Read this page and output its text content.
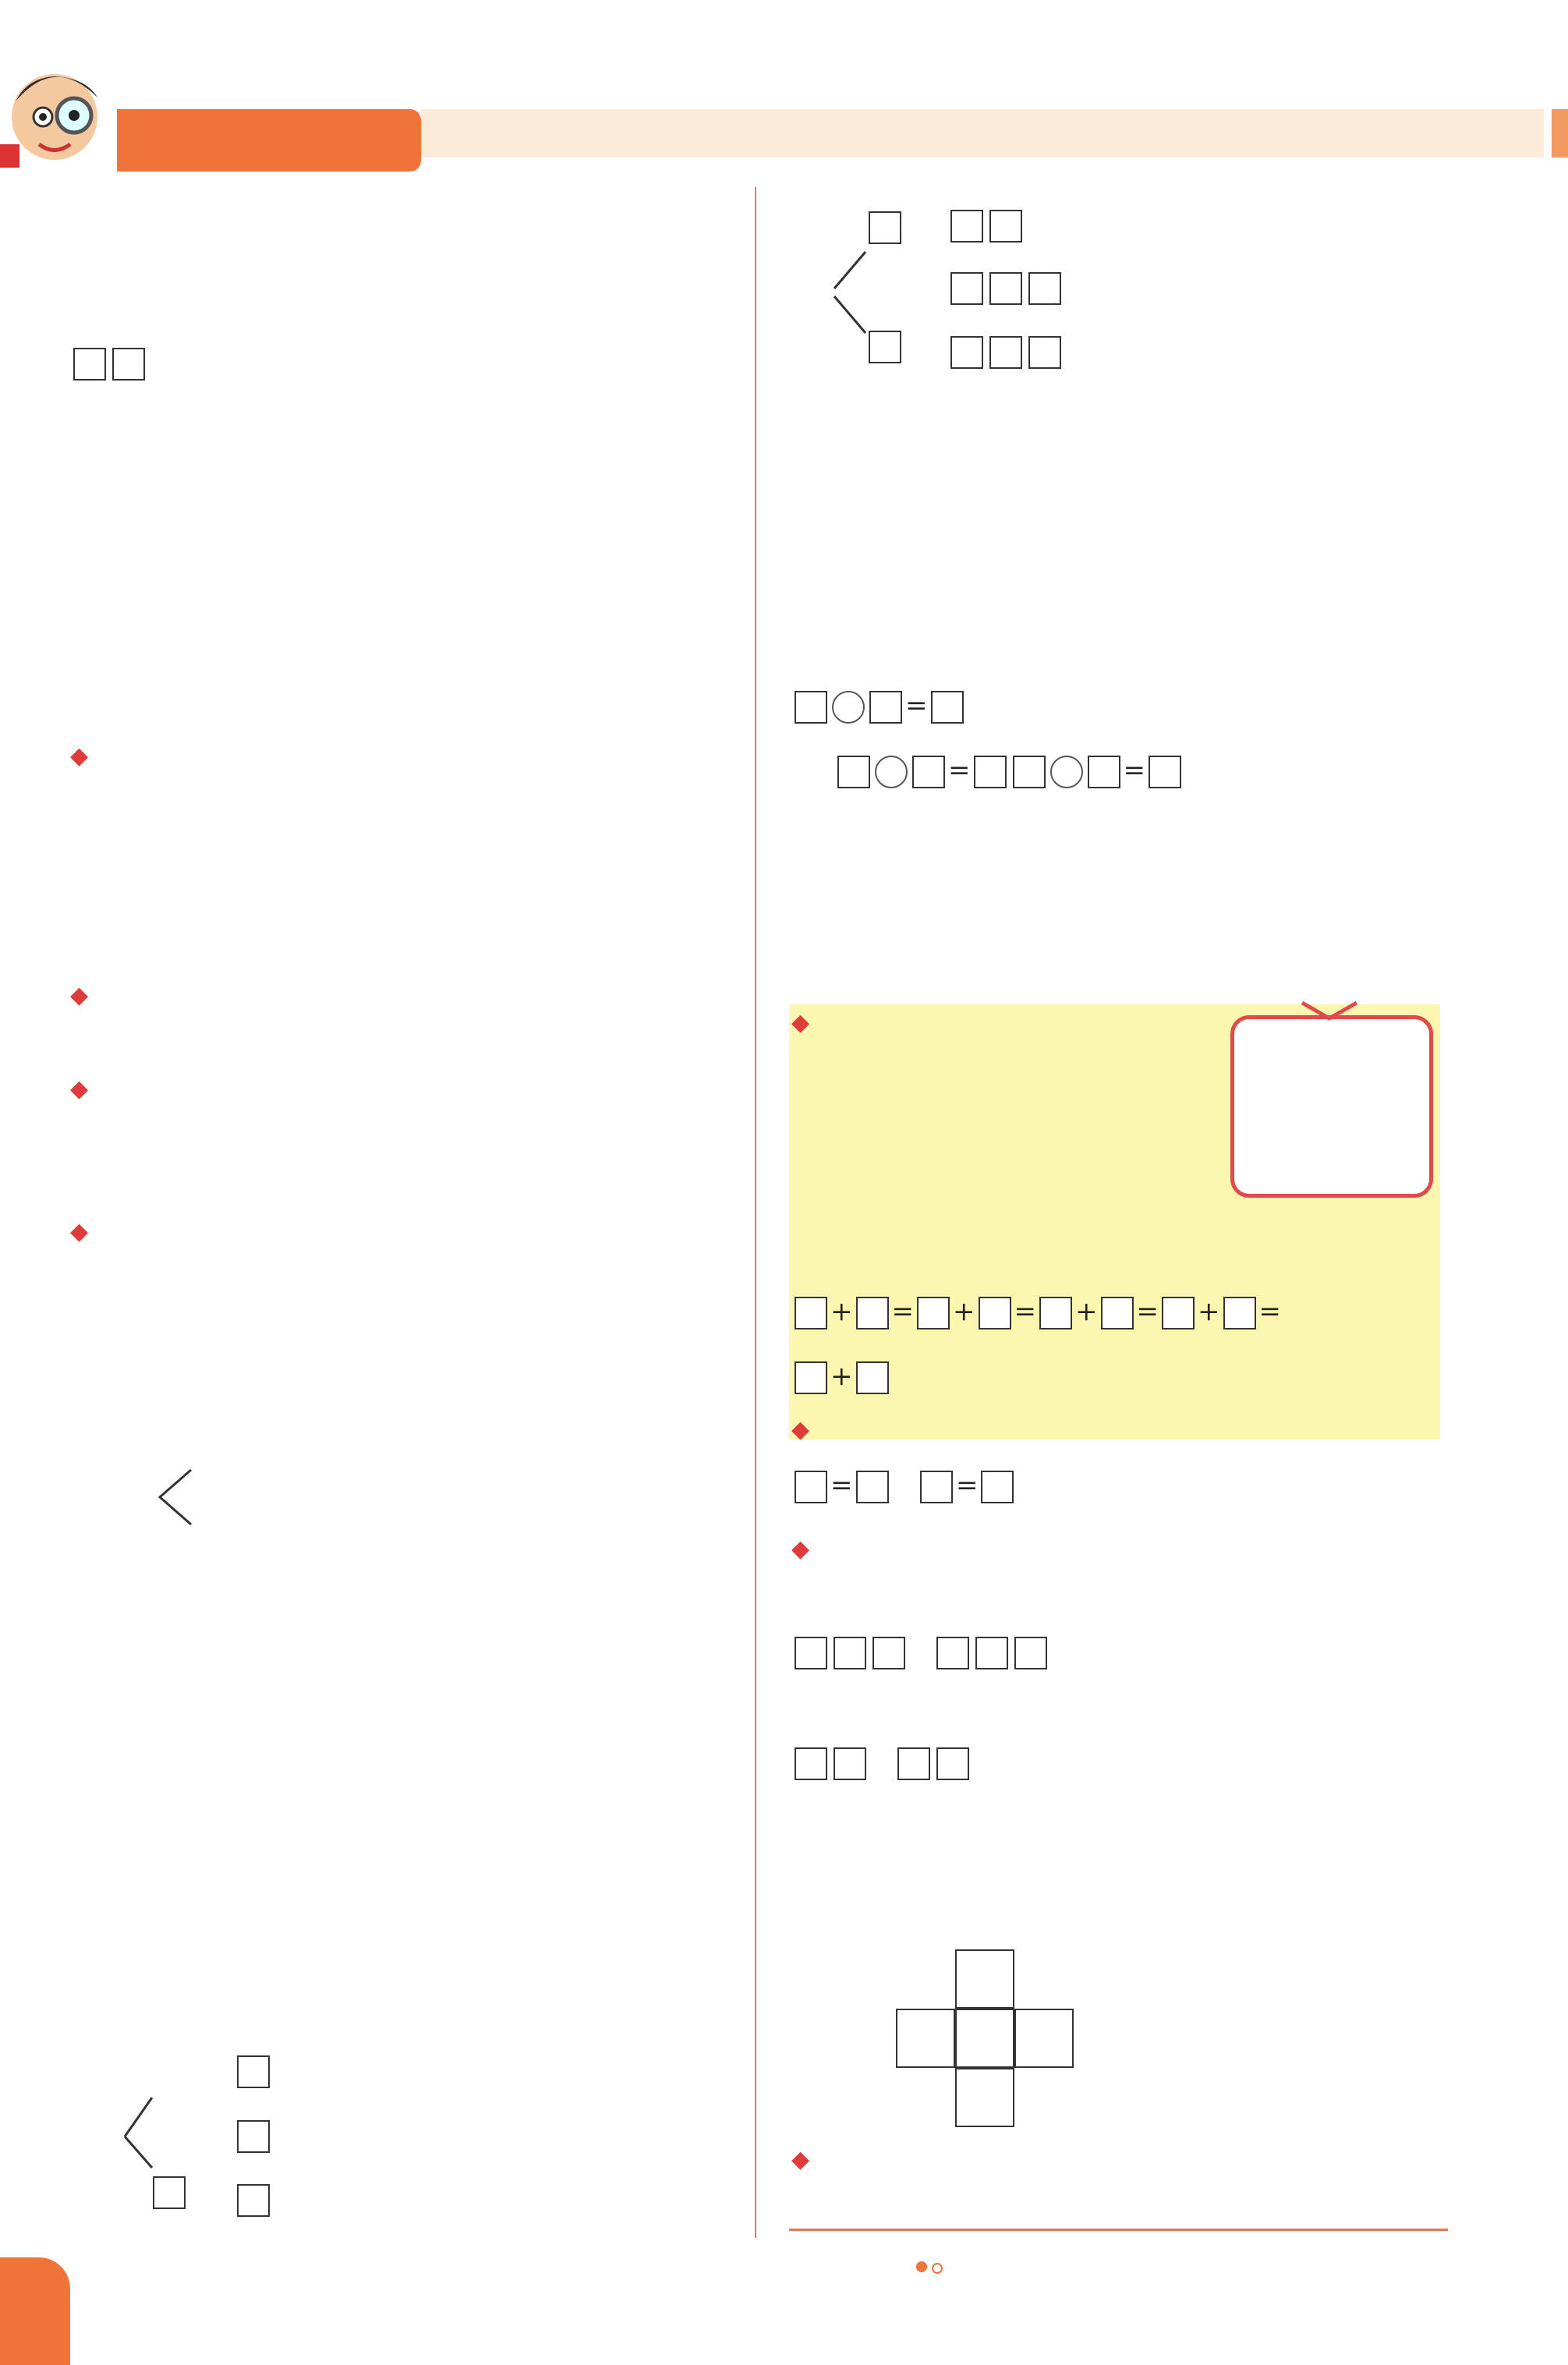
◆
◆
◆
◆

=
=	=
◆
+ = + = + = + =
+
◆
=	=
◆

◆
